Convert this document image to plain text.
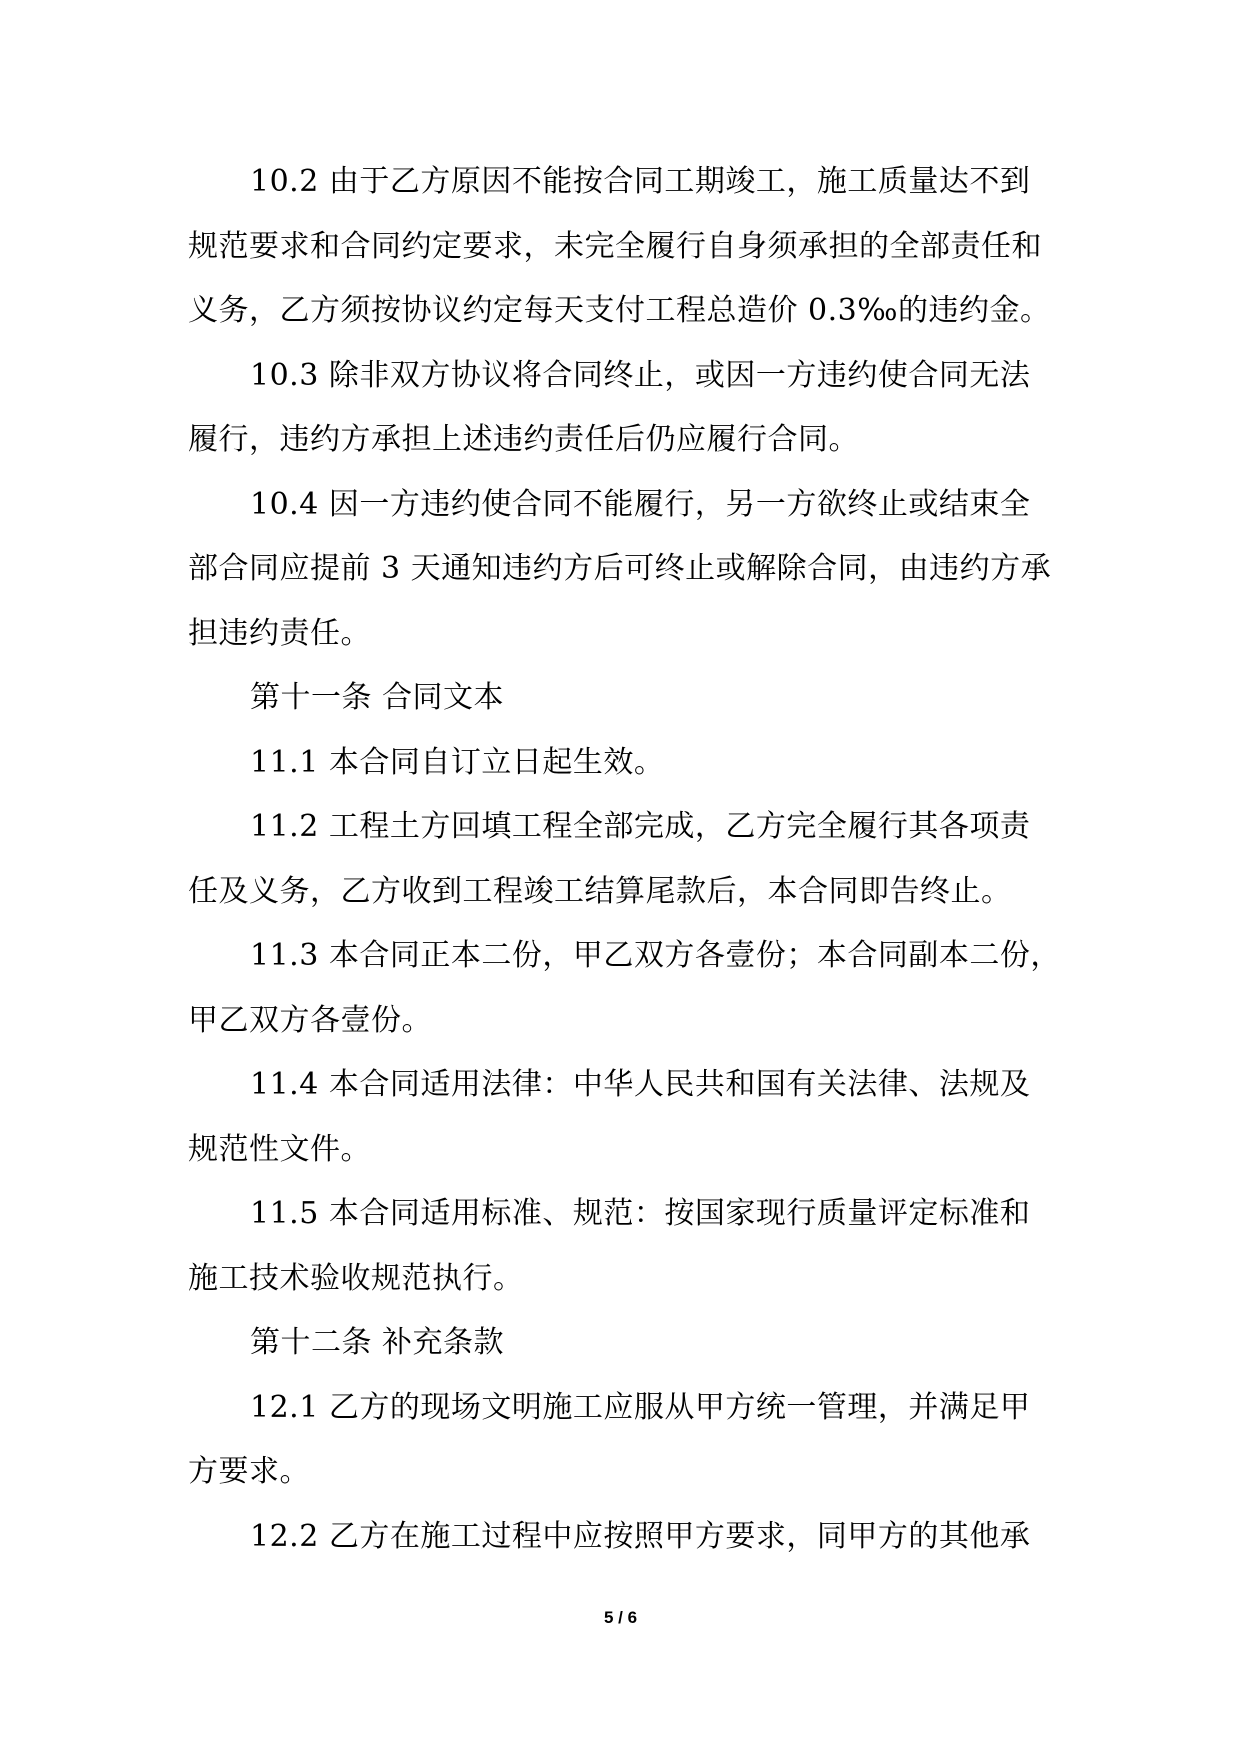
10.2 由于乙方原因不能按合同工期竣工，施工质量达不到
规范要求和合同约定要求，未完全履行自身须承担的全部责任和
义务，乙方须按协议约定每天支付工程总造价 0.3‰的违约金。
10.3 除非双方协议将合同终止，或因一方违约使合同无法
履行，违约方承担上述违约责任后仍应履行合同。
10.4 因一方违约使合同不能履行，另一方欲终止或结束全
部合同应提前 3 天通知违约方后可终止或解除合同，由违约方承
担违约责任。
第十一条 合同文本
11.1 本合同自订立日起生效。
11.2 工程土方回填工程全部完成，乙方完全履行其各项责
任及义务，乙方收到工程竣工结算尾款后，本合同即告终止。
11.3 本合同正本二份，甲乙双方各壹份；本合同副本二份，
甲乙双方各壹份。
11.4 本合同适用法律：中华人民共和国有关法律、法规及
规范性文件。
11.5 本合同适用标准、规范：按国家现行质量评定标准和
施工技术验收规范执行。
第十二条 补充条款
12.1 乙方的现场文明施工应服从甲方统一管理，并满足甲
方要求。
12.2 乙方在施工过程中应按照甲方要求，同甲方的其他承
5 / 6
